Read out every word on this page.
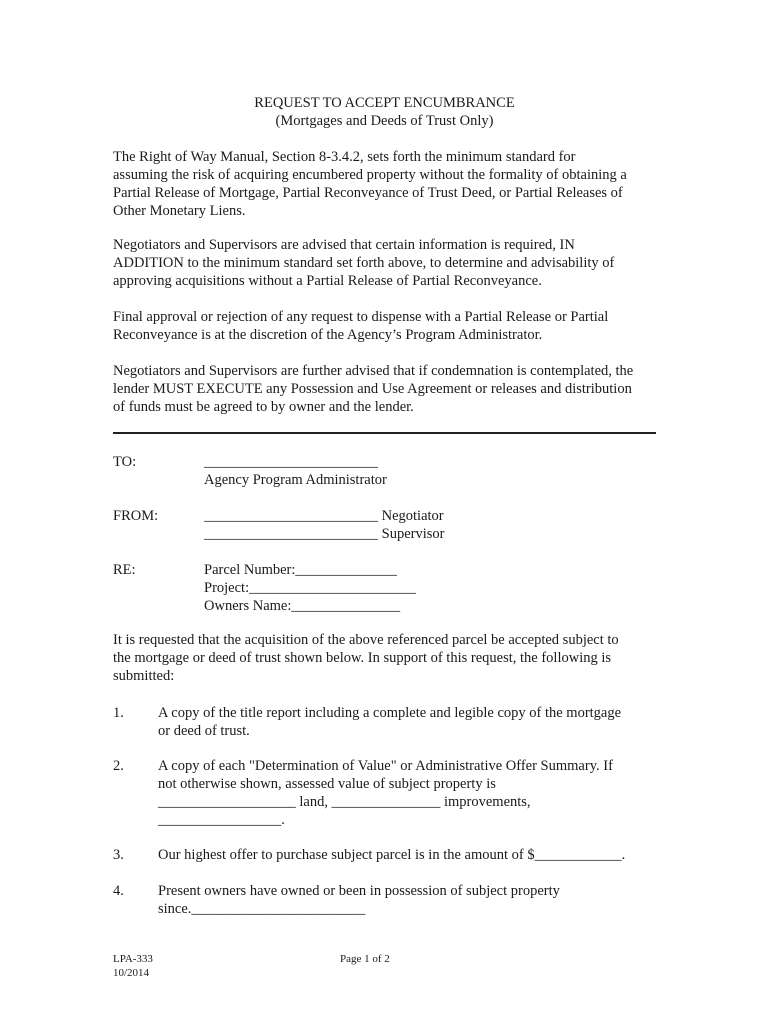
REQUEST TO ACCEPT ENCUMBRANCE
(Mortgages and Deeds of Trust Only)
The Right of Way Manual, Section 8-3.4.2, sets forth the minimum standard for
assuming the risk of acquiring encumbered property without the formality of obtaining a
Partial Release of Mortgage, Partial Reconveyance of Trust Deed, or Partial Releases of
Other Monetary Liens.
Negotiators and Supervisors are advised that certain information is required, IN
ADDITION to the minimum standard set forth above, to determine and advisability of
approving acquisitions without a Partial Release of Partial Reconveyance.
Final approval or rejection of any request to dispense with a Partial Release or Partial
Reconveyance is at the discretion of the Agency’s Program Administrator.
Negotiators and Supervisors are further advised that if condemnation is contemplated, the
lender MUST EXECUTE any Possession and Use Agreement or releases and distribution
of funds must be agreed to by owner and the lender.
TO:	________________________
Agency Program Administrator
FROM:	________________________ Negotiator
________________________ Supervisor
RE:	Parcel Number:______________
Project:_______________________
Owners Name:_______________
It is requested that the acquisition of the above referenced parcel be accepted subject to
the mortgage or deed of trust shown below. In support of this request, the following is
submitted:
1. A copy of the title report including a complete and legible copy of the mortgage
or deed of trust.
2. A copy of each "Determination of Value" or Administrative Offer Summary. If
not otherwise shown, assessed value of subject property is
___________________ land, _______________ improvements,
_________________.
3. Our highest offer to purchase subject parcel is in the amount of $____________.
4. Present owners have owned or been in possession of subject property
since.________________________
LPA-333
10/2014
Page 1 of 2
